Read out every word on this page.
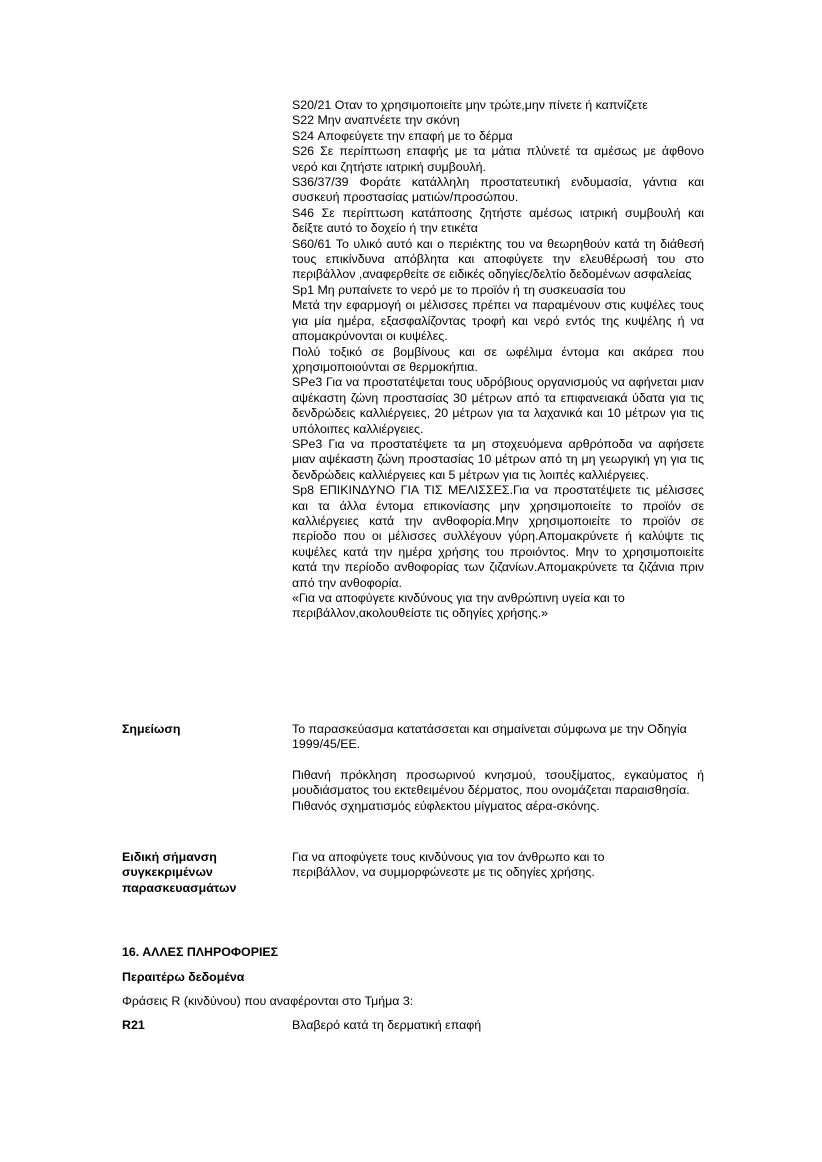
S20/21 Οταν το χρησιμοποιείτε μην τρώτε,μην πίνετε ή καπνίζετε

S22 Μην αναπνέετε την σκόνη

S24 Αποφεύγετε την επαφή με το δέρμα

S26 Σε περίπτωση επαφής με τα μάτια πλύνετέ τα αμέσως με άφθονο νερό και ζητήστε ιατρική συμβουλή.

S36/37/39 Φοράτε κατάλληλη προστατευτική ενδυμασία, γάντια και συσκευή προστασίας ματιών/προσώπου.

S46 Σε περίπτωση κατάποσης ζητήστε αμέσως ιατρική συμβουλή και δείξτε αυτό το δοχείο ή την ετικέτα

S60/61 Το υλικό αυτό και ο περιέκτης του να θεωρηθούν κατά τη διάθεσή τους επικίνδυνα απόβλητα και αποφύγετε την ελευθέρωσή του στο περιβάλλον ,αναφερθείτε σε ειδικές οδηγίες/δελτίο δεδομένων ασφαλείας

Sp1 Μη ρυπαίνετε το νερό με το προϊόν ή τη συσκευασία του

Μετά την εφαρμογή οι μέλισσες πρέπει να παραμένουν στις κυψέλες τους για μία ημέρα, εξασφαλίζοντας τροφή και νερό εντός της κυψέλης ή να απομακρύνονται οι κυψέλες.

Πολύ τοξικό σε βομβίνους και σε ωφέλιμα έντομα και ακάρεα που χρησιμοποιούνται σε θερμοκήπια.

SPe3 Για να προστατέψεται τους υδρόβιους οργανισμούς να αφήνεται μιαν αψέκαστη ζώνη προστασίας 30 μέτρων από τα επιφανειακά ύδατα για τις δενδρώδεις καλλιέργειες, 20 μέτρων για τα λαχανικά και 10 μέτρων για τις υπόλοιπες καλλιέργειες.

SPe3 Για να προστατέψετε τα μη στοχευόμενα αρθρόποδα να αφήσετε μιαν αψέκαστη ζώνη προστασίας 10 μέτρων από τη μη γεωργική γη για τις δενδρώδεις καλλιέργειες και 5 μέτρων για τις λοιπές καλλιέργειες.

Sp8 ΕΠΙΚΙΝΔΥΝΟ ΓΙΑ ΤΙΣ ΜΕΛΙΣΣΕΣ.Για να προστατέψετε τις μέλισσες και τα άλλα έντομα επικονίασης μην χρησιμοποιείτε το προϊόν σε καλλιέργειες κατά την ανθοφορία.Μην χρησιμοποιείτε το προϊόν σε περίοδο που οι μέλισσες συλλέγουν γύρη.Απομακρύνετε ή καλύψτε τις κυψέλες κατά την ημέρα χρήσης του προιόντος. Μην το χρησιμοποιείτε κατά την περίοδο ανθοφορίας των ζιζανίων.Απομακρύνετε τα ζιζάνια πριν από την ανθοφορία.

«Για να αποφύγετε κινδύνους για την ανθρώπινη υγεία και το περιβάλλον,ακολουθείστε τις οδηγίες χρήσης.»

Σημείωση	Το παρασκεύασμα κατατάσσεται και σημαίνεται σύμφωνα με την Οδηγία 1999/45/ΕΕ.

Πιθανή πρόκληση προσωρινού κνησμού, τσουξίματος, εγκαύματος ή μουδιάσματος του εκτεθειμένου δέρματος, που ονομάζεται παραισθησία.

Πιθανός σχηματισμός εύφλεκτου μίγματος αέρα-σκόνης.

Ειδική σήμανση συγκεκριμένων παρασκευασμάτων

Για να αποφύγετε τους κινδύνους για τον άνθρωπο και το περιβάλλον, να συμμορφώνεστε με τις οδηγίες χρήσης.

16. ΑΛΛΕΣ ΠΛΗΡΟΦΟΡΙΕΣ
Περαιτέρω δεδομένα
Φράσεις R (κινδύνου) που αναφέρονται στο Τμήμα 3:
R21	Βλαβερό κατά τη δερματική επαφή
